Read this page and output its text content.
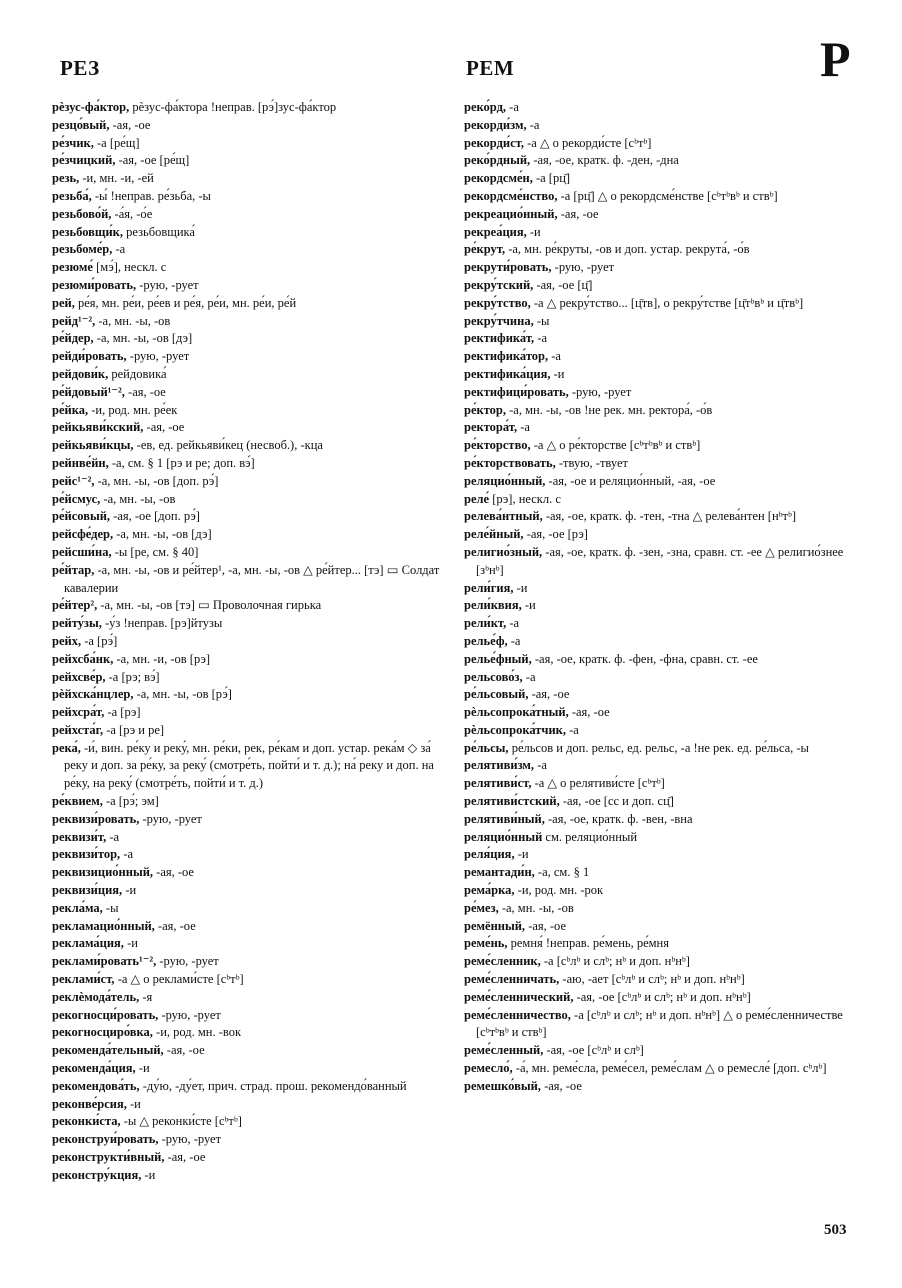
РЕЗ	РЕМ	Р

рѐзус-фа́ктор, рѐзус-фа́ктора !неправ. [рэ́]зус-фа́ктор

резцо́вый, -ая, -ое

ре́зчик, -а [ре́щ]

ре́зчицкий, -ая, -ое [ре́щ]

резь, -и, мн. -и, -ей

резьба́, -ы́ !неправ. ре́зьба, -ы

резьбово́й, -а́я, -о́е

резьбовщи́к, резьбовщика́

резьбоме́р, -а

резюме́ [мэ́], нескл. с

резюми́ровать, -рую, -рует

рей, ре́я, мн. ре́и, ре́ев и ре́я, ре́и, мн. ре́и, ре́й

рейд¹⁻², -а, мн. -ы, -ов

ре́йдер, -а, мн. -ы, -ов [дэ]

рейди́ровать, -рую, -рует

рейдови́к, рейдовика́

ре́йдовый¹⁻², -ая, -ое

ре́йка, -и, род. мн. ре́ек

рейкьяви́кский, -ая, -ое

рейкьяви́кцы, -ев, ед. рейкьяви́кец (несвоб.), -кца

рейнве́йн, -а, см. § 1 [рэ и ре; доп. вэ́]

рейс¹⁻², -а, мн. -ы, -ов [доп. рэ́]

ре́йсмус, -а, мн. -ы, -ов

ре́йсовый, -ая, -ое [доп. рэ́]

рейсфе́дер, -а, мн. -ы, -ов [дэ]

рейсши́на, -ы [ре, см. § 40]

ре́йтар, -а, мн. -ы, -ов и ре́йтер¹, -а, мн. -ы, -ов △ ре́йтер... [тэ] ▭ Солдат кавалерии

ре́йтер², -а, мн. -ы, -ов [тэ] ▭ Проволочная гирька

рейту́зы, -у́з !неправ. [рэ]йтузы

рейх, -а [рэ́]

рейхсба́нк, -а, мн. -и, -ов [рэ]

рейхсве́р, -а [рэ; вэ́]

рѐйхска́нцлер, -а, мн. -ы, -ов [рэ́]

рейхсра́т, -а [рэ]

рейхста́г, -а [рэ и ре]

река́, -и́, вин. ре́ку и реку́, мн. ре́ки, рек, ре́кам и доп. устар. река́м ◇ за́ реку и доп. за ре́ку, за реку́ (смотре́ть, пойти́ и т. д.); на́ реку и доп. на ре́ку, на реку́ (смотре́ть, пойти́ и т. д.)

ре́квием, -а [рэ́; эм]

реквизи́ровать, -рую, -рует

реквизи́т, -а

реквизи́тор, -а

реквизицио́нный, -ая, -ое

реквизи́ция, -и

рекла́ма, -ы

рекламацио́нный, -ая, -ое

реклама́ция, -и

реклами́ровать¹⁻², -рую, -рует

реклами́ст, -а △ о реклами́сте [сᵇтᵇ]

реклѐмода́тель, -я

рекогносци́ровать, -рую, -рует

рекогносциро́вка, -и, род. мн. -вок

рекоменда́тельный, -ая, -ое

рекоменда́ция, -и

рекомендова́ть, -ду́ю, -ду́ет, прич. страд. прош. рекомендо́ванный

реконве́рсия, -и

реконки́ста, -ы △ реконки́сте [сᵇтᵇ]

реконструи́ровать, -рую, -рует

реконструкти́вный, -ая, -ое

реконстру́кция, -и

реко́рд, -а

рекорди́зм, -а

рекорди́ст, -а △ о рекорди́сте [сᵇтᵇ]

реко́рдный, -ая, -ое, кратк. ф. -ден, -дна

рекордсме́н, -а [рц̄]

рекордсме́нство, -а [рц̄] △ о рекордсме́нстве [сᵇтᵇвᵇ и ствᵇ]

рекреацио́нный, -ая, -ое

рекреа́ция, -и

ре́крут, -а, мн. ре́круты, -ов и доп. устар. рекрута́, -о́в

рекрути́ровать, -рую, -рует

рекру́тский, -ая, -ое [ц̄]

рекру́тство, -а △ рекру́тство... [ц̄тв], о рекру́тстве [ц̄тᵇвᵇ и ц̄твᵇ]

рекру́тчина, -ы

ректифика́т, -а

ректифика́тор, -а

ректифика́ция, -и

ректифици́ровать, -рую, -рует

ре́ктор, -а, мн. -ы, -ов !не рек. мн. ректора́, -о́в

ректора́т, -а

ре́кторство, -а △ о ре́кторстве [сᵇтᵇвᵇ и ствᵇ]

ре́кторствовать, -твую, -твует

реляцио́нный, -ая, -ое и реляцио́нный, -ая, -ое

реле́ [рэ], нескл. с

релева́нтный, -ая, -ое, кратк. ф. -тен, -тна △ релева́нтен [нᵇтᵇ]

реле́йный, -ая, -ое [рэ]

религио́зный, -ая, -ое, кратк. ф. -зен, -зна, сравн. ст. -ее △ религио́знее [зᵇнᵇ]

рели́гия, -и

рели́квия, -и

рели́кт, -а

релье́ф, -а

релье́фный, -ая, -ое, кратк. ф. -фен, -фна, сравн. ст. -ее

рельсово́з, -а

ре́льсовый, -ая, -ое

рѐльсопрока́тный, -ая, -ое

рѐльсопрока́тчик, -а

ре́льсы, ре́льсов и доп. рельс, ед. рельс, -а !не рек. ед. ре́льса, -ы

релятиви́зм, -а

релятиви́ст, -а △ о релятиви́сте [сᵇтᵇ]

релятиви́стский, -ая, -ое [сс и доп. сц̄]

релятиви́ный, -ая, -ое, кратк. ф. -вен, -вна

реляцио́нный см. реляцио́нный

реля́ция, -и

ремантади́н, -а, см. § 1

рема́рка, -и, род. мн. -рок

ре́мез, -а, мн. -ы, -ов

ремённый, -ая, -ое

реме́нь, ремня́ !неправ. ре́мень, ре́мня

реме́сленник, -а [сᵇлᵇ и слᵇ; нᵇ и доп. нᵇнᵇ]

реме́сленничать, -аю, -ает [сᵇлᵇ и слᵇ; нᵇ и доп. нᵇнᵇ]

реме́сленнический, -ая, -ое [сᵇлᵇ и слᵇ; нᵇ и доп. нᵇнᵇ]

реме́сленничество, -а [сᵇлᵇ и слᵇ; нᵇ и доп. нᵇнᵇ] △ о реме́сленничестве [сᵇтᵇвᵇ и ствᵇ]

реме́сленный, -ая, -ое [сᵇлᵇ и слᵇ]

ремесло́, -а́, мн. реме́сла, реме́сел, реме́слам △ о ремесле́ [доп. сᵇлᵇ]

ремешко́вый, -ая, -ое

503
